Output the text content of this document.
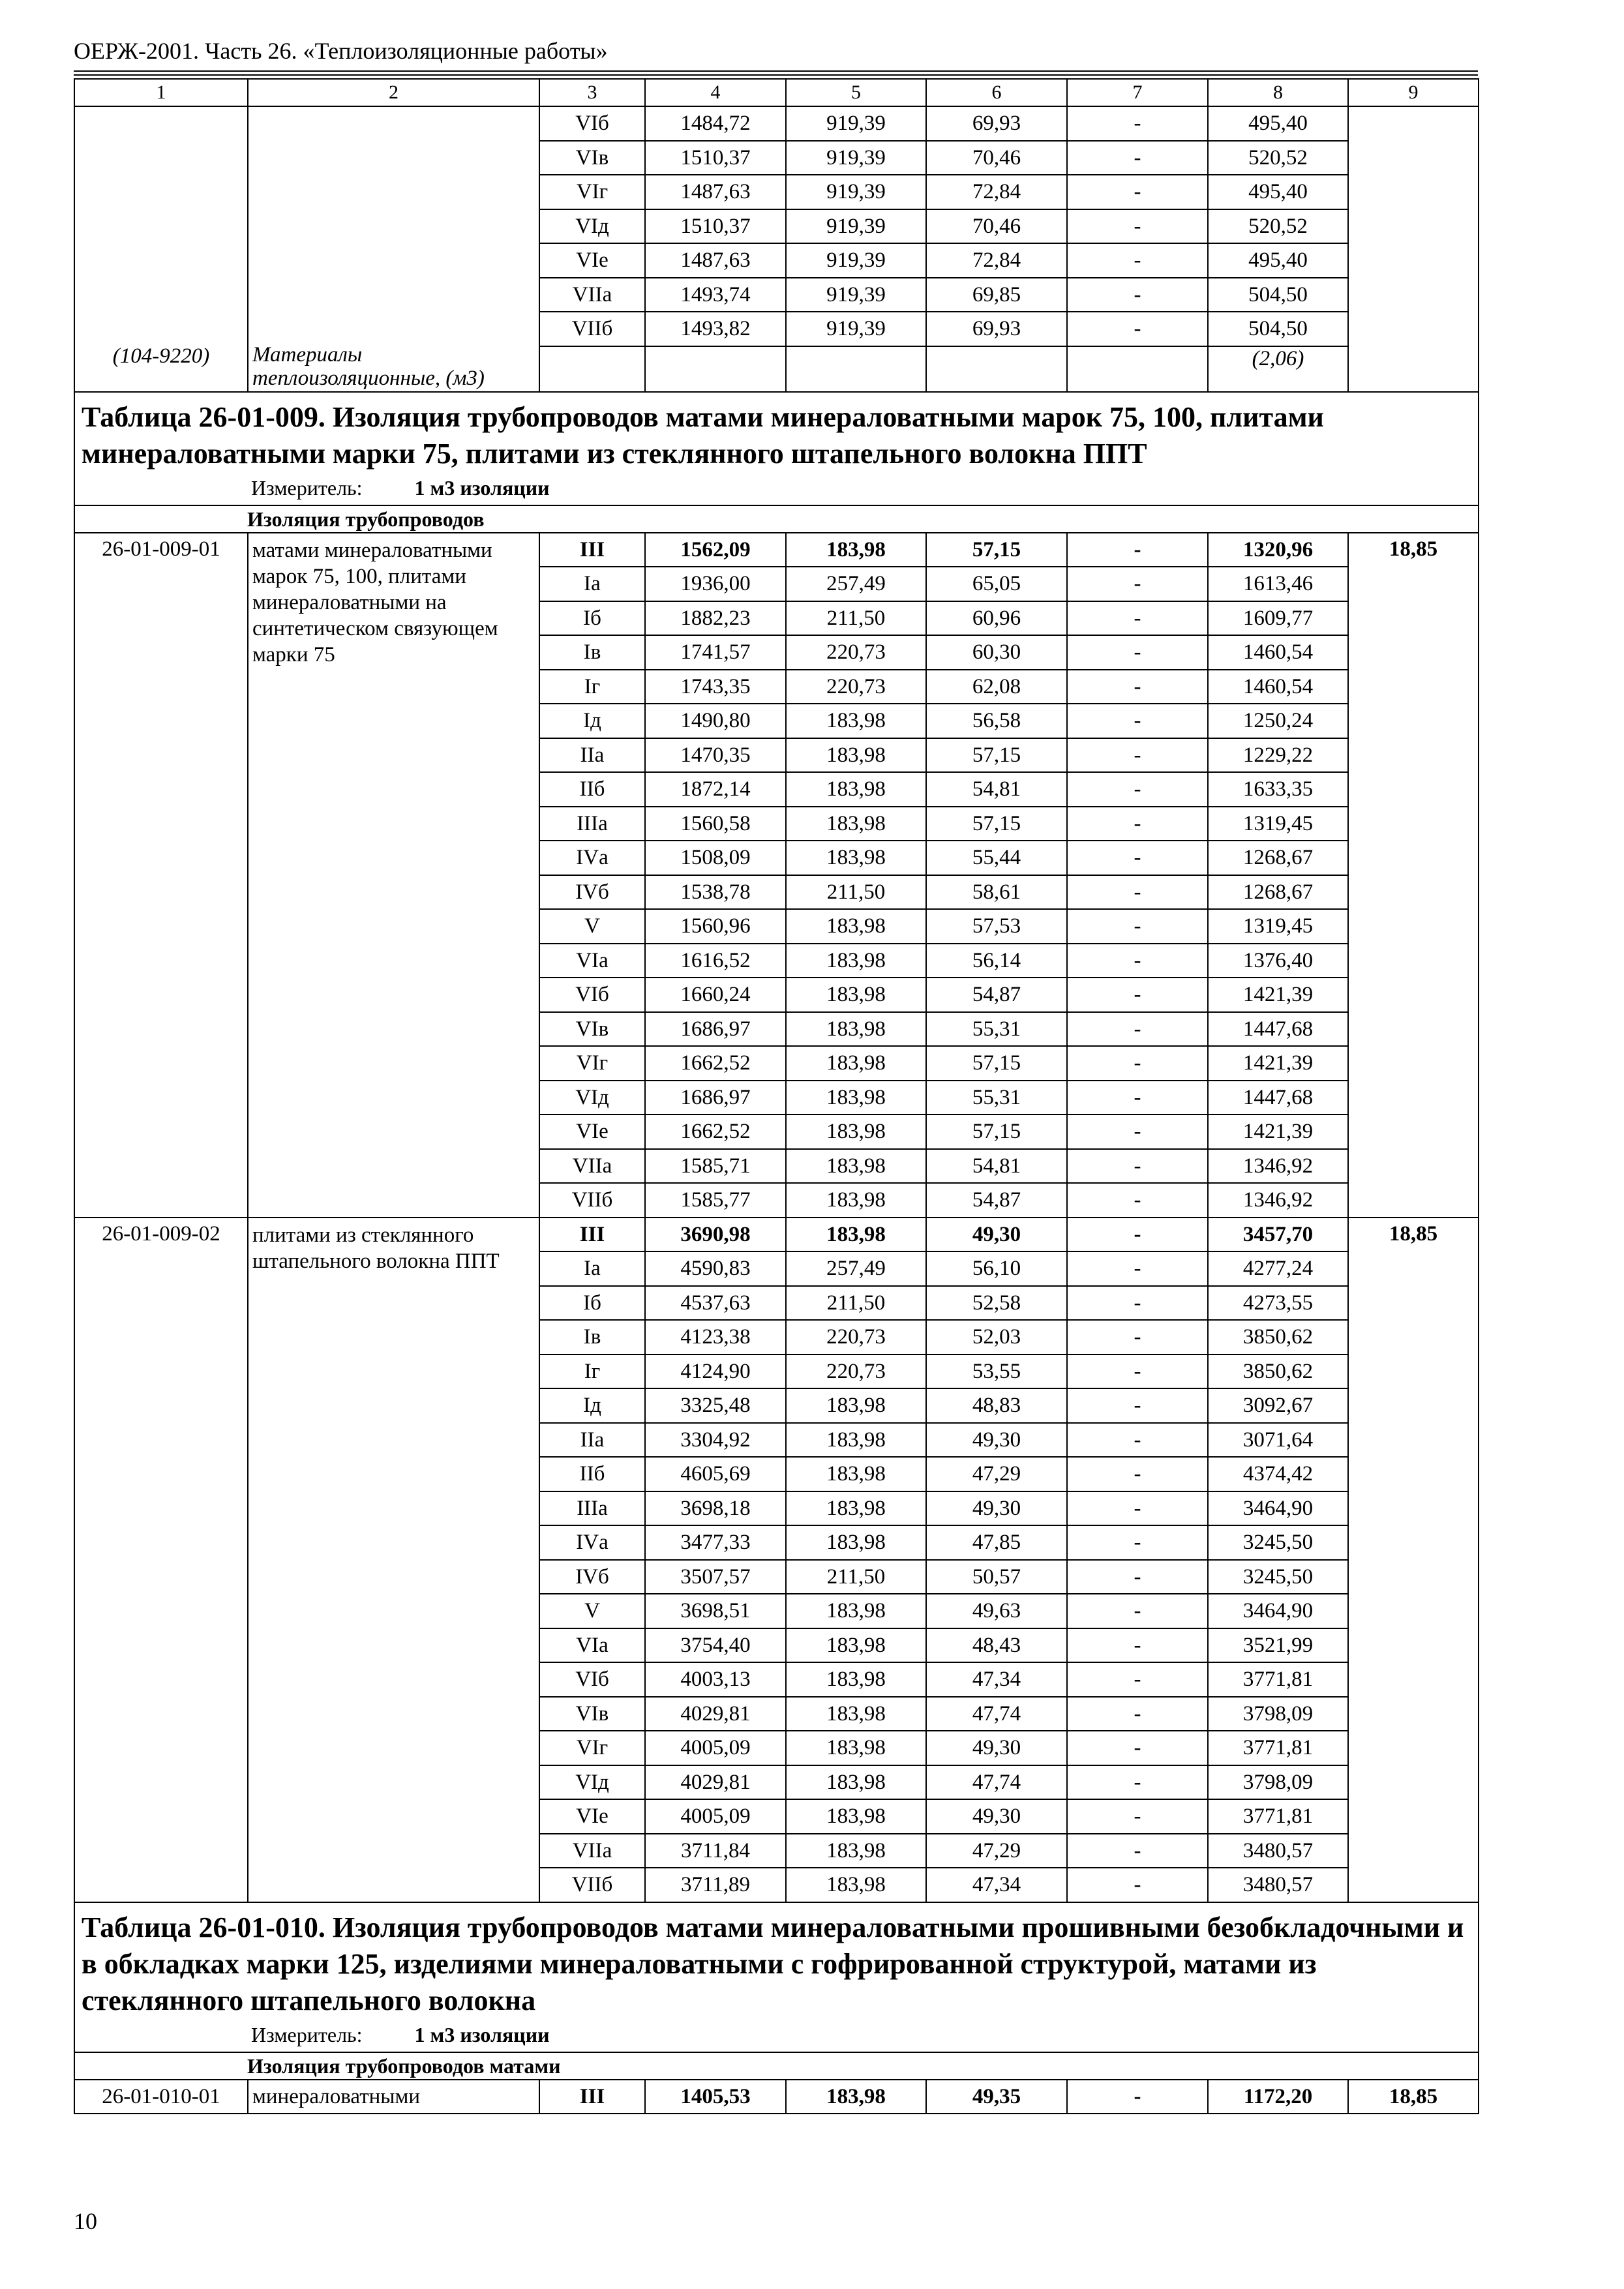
ОЕРЖ-2001. Часть 26. «Теплоизоляционные работы»
1	2	3	4	5	6	7	8	9
(104-9220)	Материалы теплоизоляционные, (м3)	VIб	1484,72	919,39	69,93	-	495,40	
		VIв	1510,37	919,39	70,46	-	520,52	
		VIг	1487,63	919,39	72,84	-	495,40	
		VIд	1510,37	919,39	70,46	-	520,52	
		VIе	1487,63	919,39	72,84	-	495,40	
		VIIа	1493,74	919,39	69,85	-	504,50	
		VIIб	1493,82	919,39	69,93	-	504,50	
							(2,06)	
Таблица 26-01-009. Изоляция трубопроводов матами минераловатными марок 75, 100, плитами минераловатными марки 75, плитами из стеклянного штапельного волокна ППТ
Измеритель: 1 м3 изоляции								

Изоляция трубопроводов								
26-01-009-01	матами минераловатными марок 75, 100, плитами минераловатными на синтетическом связующем марки 75	III	1562,09	183,98	57,15	-	1320,96	18,85
		Iа	1936,00	257,49	65,05	-	1613,46	
		Iб	1882,23	211,50	60,96	-	1609,77	
		Iв	1741,57	220,73	60,30	-	1460,54	
		Iг	1743,35	220,73	62,08	-	1460,54	
		Iд	1490,80	183,98	56,58	-	1250,24	
		IIа	1470,35	183,98	57,15	-	1229,22	
		IIб	1872,14	183,98	54,81	-	1633,35	
		IIIа	1560,58	183,98	57,15	-	1319,45	
		IVа	1508,09	183,98	55,44	-	1268,67	
		IVб	1538,78	211,50	58,61	-	1268,67	
		V	1560,96	183,98	57,53	-	1319,45	
		VIа	1616,52	183,98	56,14	-	1376,40	
		VIб	1660,24	183,98	54,87	-	1421,39	
		VIв	1686,97	183,98	55,31	-	1447,68	
		VIг	1662,52	183,98	57,15	-	1421,39	
		VIд	1686,97	183,98	55,31	-	1447,68	
		VIе	1662,52	183,98	57,15	-	1421,39	
		VIIа	1585,71	183,98	54,81	-	1346,92	
		VIIб	1585,77	183,98	54,87	-	1346,92	
26-01-009-02	плитами из стеклянного штапельного волокна ППТ	III	3690,98	183,98	49,30	-	3457,70	18,85
		Iа	4590,83	257,49	56,10	-	4277,24	
		Iб	4537,63	211,50	52,58	-	4273,55	
		Iв	4123,38	220,73	52,03	-	3850,62	
		Iг	4124,90	220,73	53,55	-	3850,62	
		Iд	3325,48	183,98	48,83	-	3092,67	
		IIа	3304,92	183,98	49,30	-	3071,64	
		IIб	4605,69	183,98	47,29	-	4374,42	
		IIIа	3698,18	183,98	49,30	-	3464,90	
		IVа	3477,33	183,98	47,85	-	3245,50	
		IVб	3507,57	211,50	50,57	-	3245,50	
		V	3698,51	183,98	49,63	-	3464,90	
		VIа	3754,40	183,98	48,43	-	3521,99	
		VIб	4003,13	183,98	47,34	-	3771,81	
		VIв	4029,81	183,98	47,74	-	3798,09	
		VIг	4005,09	183,98	49,30	-	3771,81	
		VIд	4029,81	183,98	47,74	-	3798,09	
		VIе	4005,09	183,98	49,30	-	3771,81	
		VIIа	3711,84	183,98	47,29	-	3480,57	
		VIIб	3711,89	183,98	47,34	-	3480,57	
Таблица 26-01-010. Изоляция трубопроводов матами минераловатными прошивными безобкладочными и в обкладках марки 125, изделиями минераловатными с гофрированной структурой, матами из стеклянного штапельного волокна
Измеритель: 1 м3 изоляции								

Изоляция трубопроводов матами								
26-01-010-01	минераловатными	III	1405,53	183,98	49,35	-	1172,20	18,85
10
